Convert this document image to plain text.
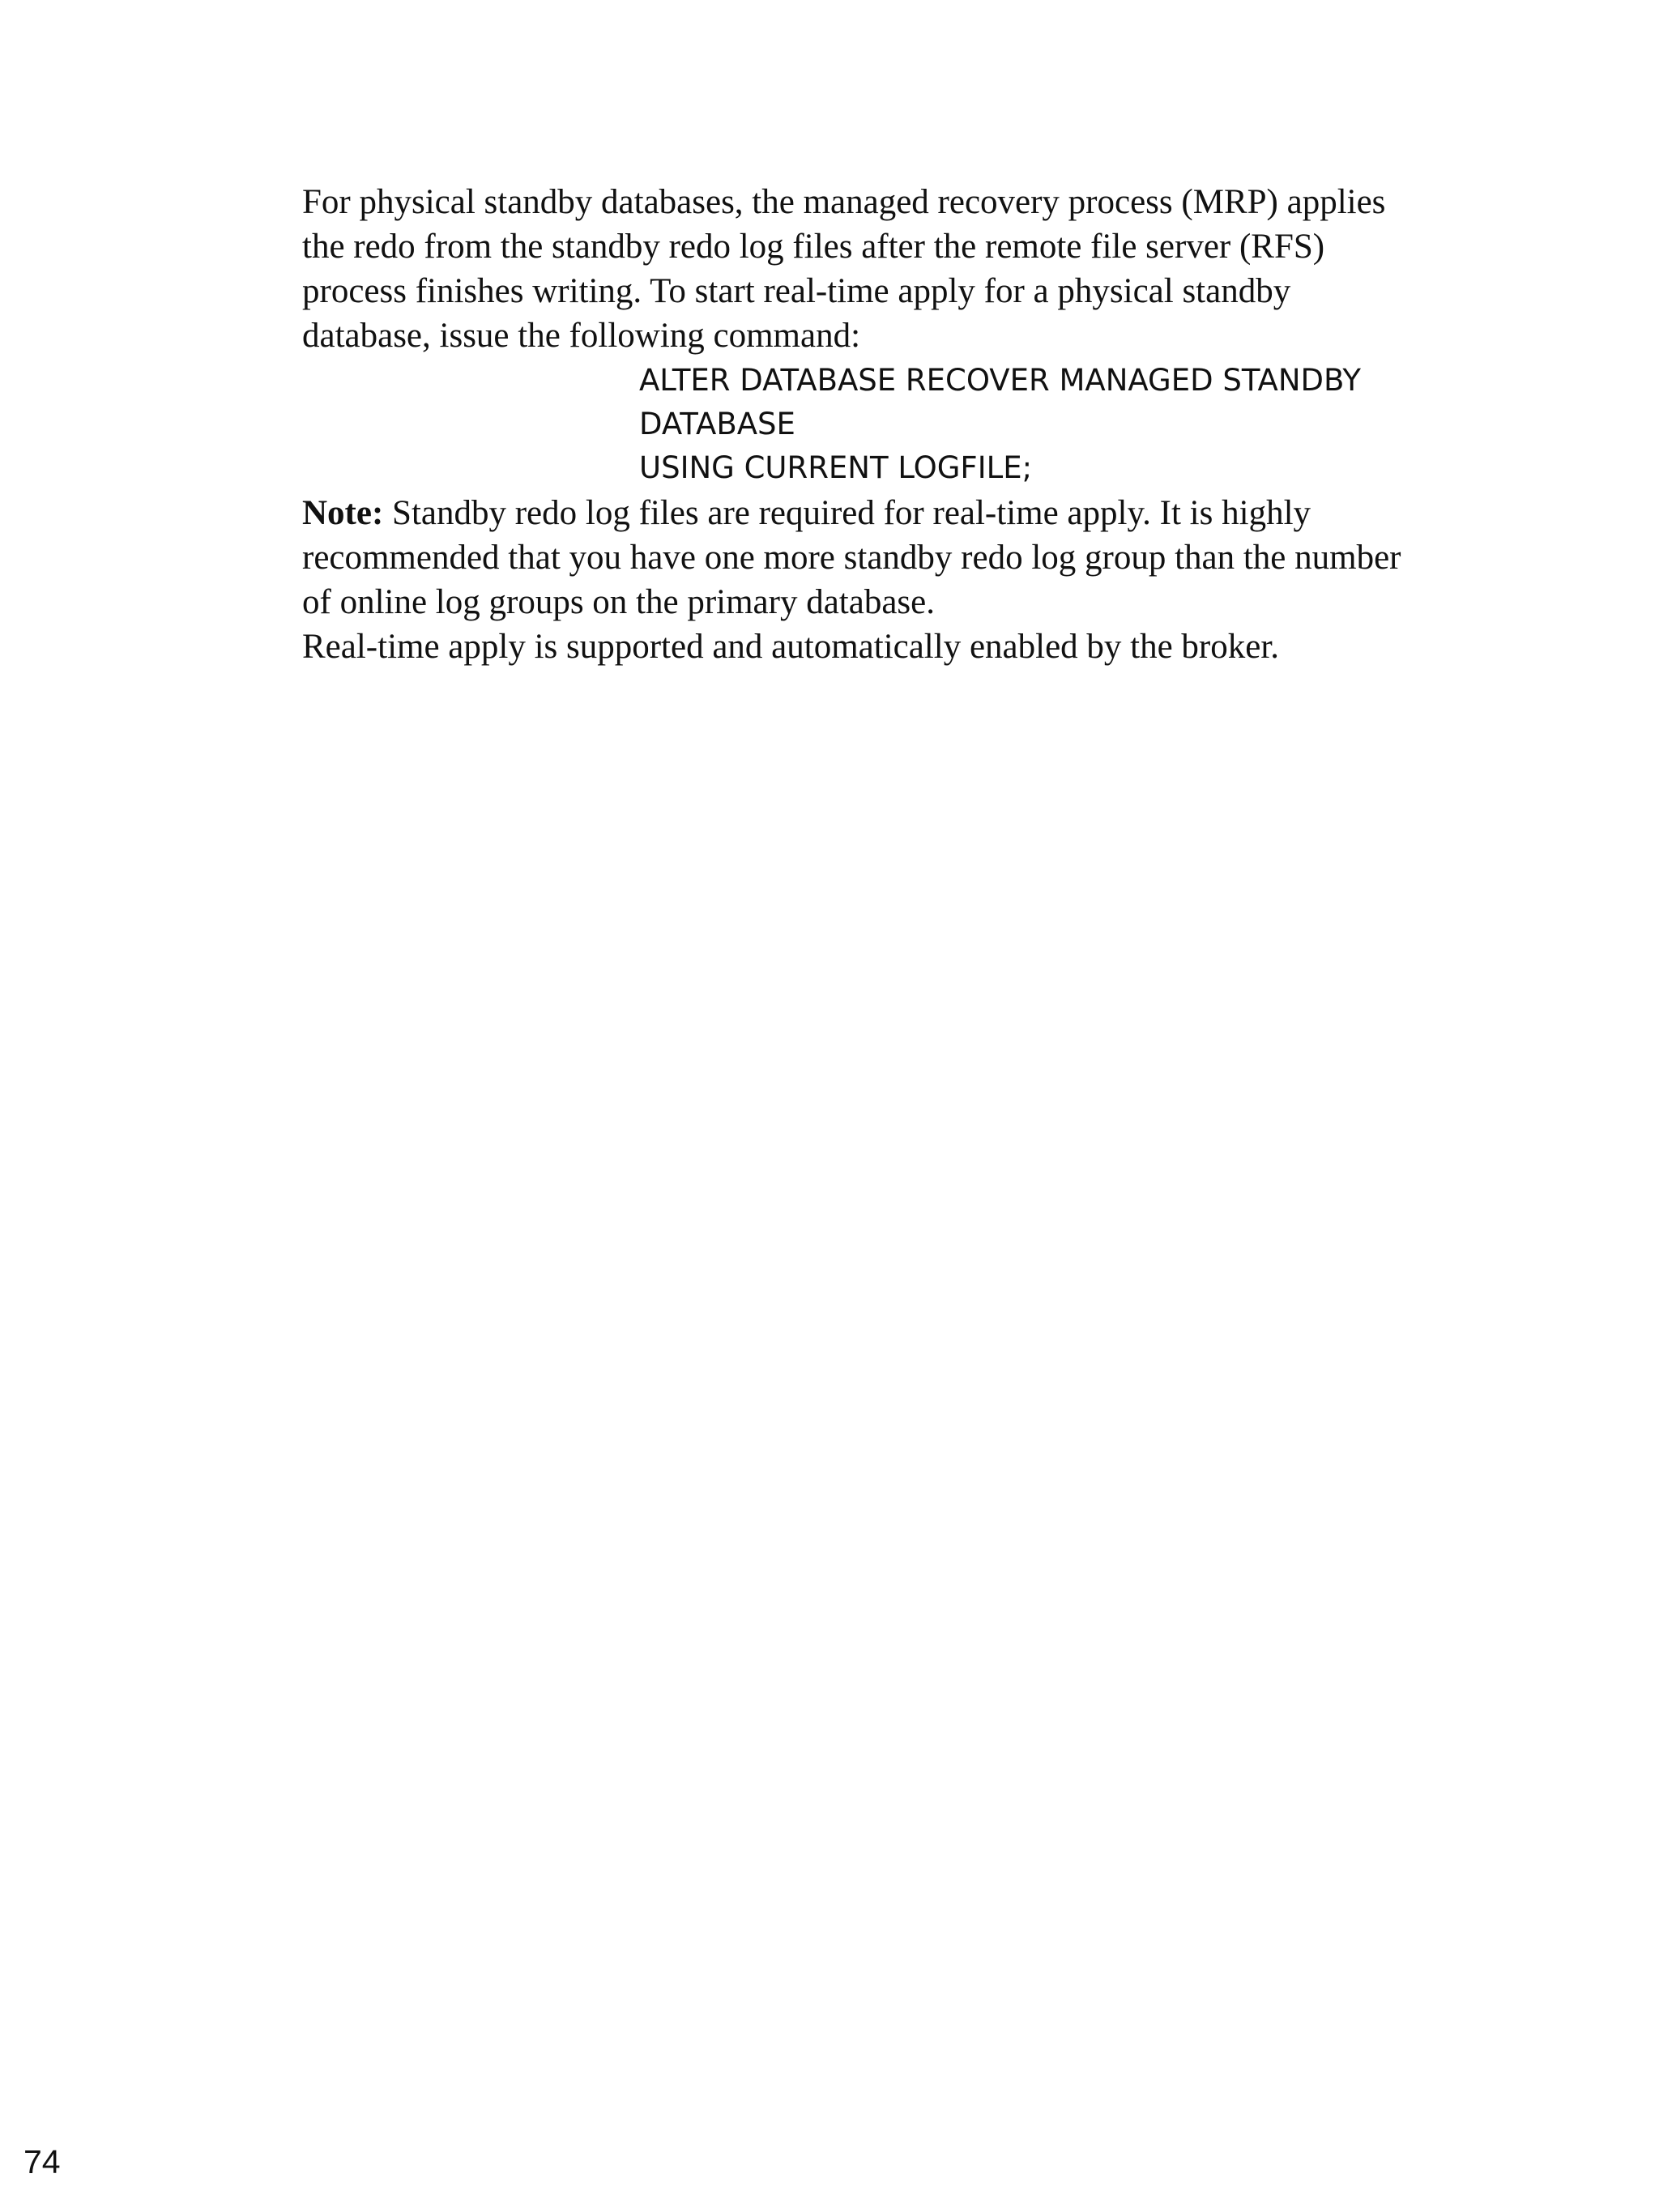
For physical standby databases, the managed recovery process (MRP) applies

the redo from the standby redo log files after the remote file server (RFS)

process finishes writing. To start real-time apply for a physical standby

database, issue the following command:

ALTER DATABASE RECOVER MANAGED STANDBY

DATABASE

USING CURRENT LOGFILE;

Note: Standby redo log files are required for real-time apply. It is highly

recommended that you have one more standby redo log group than the number

of online log groups on the primary database.

Real-time apply is supported and automatically enabled by the broker.

74
